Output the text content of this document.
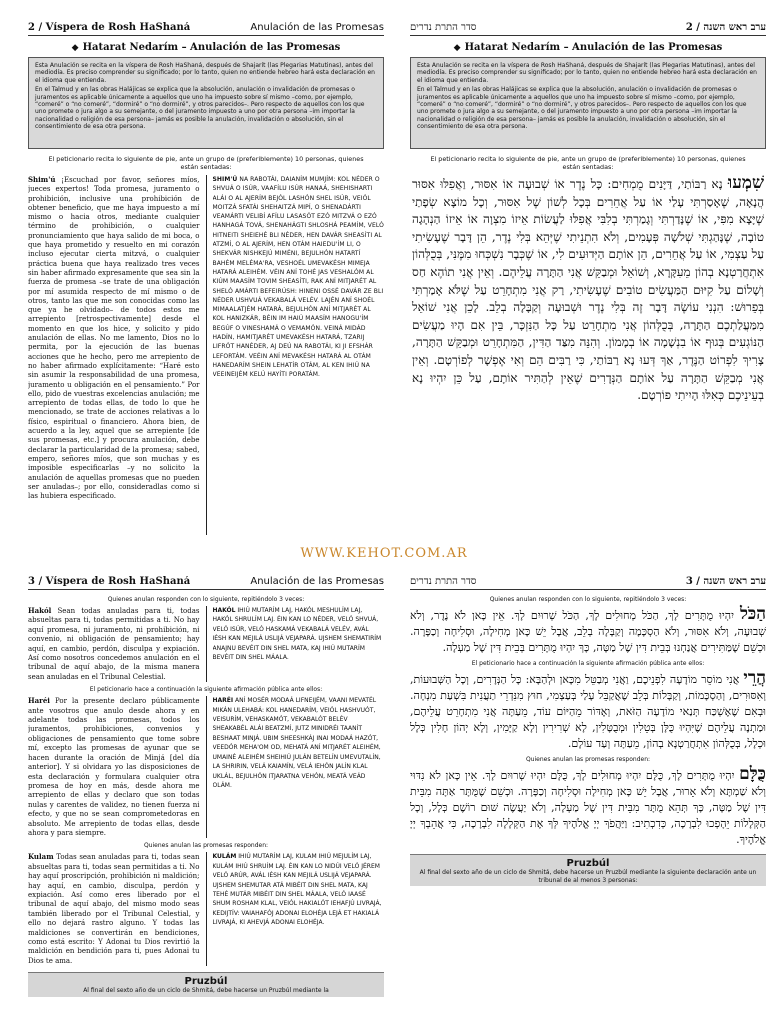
2 / Víspera de Rosh HaShaná	Anulación de las Promesas
◆ Hatarat Nedarím – Anulación de las Promesas

Esta Anulación se recita en la víspera de Rosh HaShaná, después de Shajarít (las Plegarias Matutinas), antes del mediodía. Es preciso comprender su significado; por lo tanto, quien no entiende hebreo hará esta declaración en el idioma que entienda.

En el Talmud y en las obras Halájicas se explica que la absolución, anulación o invalidación de promesas o juramentos es aplicable únicamente a aquellos que uno ha impuesto sobre sí mismo –como, por ejemplo, “comeré” o “no comeré”, “dormiré” o “no dormiré”, y otros parecidos–. Pero respecto de aquellos con los que uno promete o jura algo a su semejante, o del juramento impuesto a uno por otra persona –im importar la nacionalidad o religión de esa persona– jamás es posible la anulación, invalidación o absolución, sin el consentimiento de esa otra persona.

El peticionario recita lo siguiente de pie, ante un grupo de (preferiblemente) 10 personas, quienes están sentadas:
Shim'ú ¡Escuchad por favor, señores míos, jueces expertos! Toda promesa, juramento o prohibición, inclusive una prohibición de obtener beneficio, que me haya impuesto a mí mismo o hacia otros, mediante cualquier término de prohibición, o cualquier pronunciamiento que haya salido de mi boca, o que haya prometido y resuelto en mi corazón incluso ejecutar cierta mitzvá, o cualquier práctica buena que haya realizado tres veces sin haber afirmado expresamente que sea sin la fuerza de promesa –se trate de una obligación por mí asumida respecto de mí mismo o de otros, tanto las que me son conocidas como las que ya he olvidado– de todos estos me arrepiento [retrospectivamente] desde el momento en que los hice, y solicito y pido anulación de ellas. No me lamento, Dios no lo permita, por la ejecución de las buenas acciones que he hecho, pero me arrepiento de no haber afirmado explícitamente: “Haré esto sin asumir la responsabilidad de una promesa, juramento u obligación en el pensamiento.” Por ello, pido de vuestras excelencias anulación; me arrepiento de todas ellas, de todo lo que he mencionado, se trate de acciones relativas a lo físico, espiritual o financiero. Ahora bien, de acuerdo a la ley, aquel que se arrepiente [de sus promesas, etc.] y procura anulación, debe declarar la particularidad de la promesa; sabed, empero, señores míos, que son muchas y es imposible especificarlas –y no solicito la anulación de aquellas promesas que no pueden ser anuladas–; por ello, consideradlas como si las hubiera especificado.
SHIM'Ú NA RABOTÁI, DAIANÍM MUMJÍM: KOL NÉDER O SHVUÁ O ISÚR, VAAFÍLU ISÚR HANAÁ, SHEHISHARTI ALÁI O AL AJERÍM BEJÓL LASHÓN SHEL ISÚR, VEIÓL MOITZÁ SFATÁI SHEHAITZÁ MIPÍ, O SHENADÁRTI VEAMÁRTI VELIBÍ AFÍLU LASASÓT EZÓ MITZVÁ O EZÓ HANHAGÁ TOVÁ, SHENAHÁGTI SHLOSHÁ PEAMÍM, VELÓ HITNEITI SHEIEHÉ BLI NÉDER, HEN DAVÁR SHEASÍTI AL ATZMÍ, O AL AJERÍM, HEN OTÁM HAIEDU'ÍM LI, O SHEKVÁR NISHKEJÚ MIMÉNI, BEJULHÓN HATARTÍ BAHÉM MELÉMA'RA, VESHOÉL UMEVAKÉSH MIMEJA HATARÁ ALEIHÉM. VÉIN ANÍ TOHÉ JAS VESHALÓM AL KIÚM MAASÍM TOVIM SHEASÍTI, RAK ANÍ MITJARÉT AL SHELÓ AMÁRTI BEFEIRÚSH: HINENI OSSÉ DAVÁR ZE BLI NÉDER USHVUÁ VEKABALÁ VELÉV. LAJÉN ANÍ SHOÉL MIMAALATJÉM HATARÁ, BEJULHÓN ANÍ MITJARÉT AL KOL HANIZKÁR, BÉIN IM HAIÚ MAASÍM HANOGU'ÍM BEGÚF O VINESHAMÁ O VEMAMÓN. VEINÁ MIDÁD HADÍN, HAMITJARÉT UMEVAKÉSH HATARÁ, TZARIJ LIFRÓT HANÉDER, AJ DEÚ NA RABOTÁI, KI JI EFSHÁR LEFORTÁM. VEÉIN ANÍ MEVAKÉSH HATARÁ AL OTÁM HANEDARÍM SHEIN LEHATÍR OTÁM, AL KEN IHIÚ NA VEEINEIJÉM KELÚ HAYÍTI PORATÁM.
סדר התרת נדרים	ערב ראש השנה / 2
◆ Hatarat Nedarím – Anulación de las Promesas

Esta Anulación se recita en la víspera de Rosh HaShaná, después de Shajarít (las Plegarias Matutinas), antes del mediodía. Es preciso comprender su significado; por lo tanto, quien no entiende hebreo hará esta declaración en el idioma que entienda.

En el Talmud y en las obras Halájicas se explica que la absolución, anulación o invalidación de promesas o juramentos es aplicable únicamente a aquellos que uno ha impuesto sobre sí mismo –como, por ejemplo, “comeré” o “no comeré”, “dormiré” o “no dormiré”, y otros parecidos–. Pero respecto de aquellos con los que uno promete o jura algo a su semejante, o del juramento impuesto a uno por otra persona –im importar la nacionalidad o religión de esa persona– jamás es posible la anulación, invalidación o absolución, sin el consentimiento de esa otra persona.

El peticionario recita lo siguiente de pie, ante un grupo de (preferiblemente) 10 personas, quienes están sentadas:
שִׁמְעוּ נָא רַבּוֹתַי, דַּיָּנִים מֻמְחִים: כָּל נֶדֶר אוֹ שְׁבוּעָה אוֹ אִסּוּר, וַאֲפִלּוּ אִסּוּר הֲנָאָה, שֶׁאָסַרְתִּי עָלַי אוֹ עַל אֲחֵרִים בְּכָל לְשׁוֹן שֶׁל אִסּוּר, וְכָל מוֹצָא שְׂפָתַי שֶׁיָּצָא מִפִּי, אוֹ שֶׁנָּדַרְתִּי וְגָמַרְתִּי בְלִבִּי אֲפִלּוּ לַעֲשׂוֹת אֵיזוֹ מִצְוָה אוֹ אֵיזוֹ הַנְהָגָה טוֹבָה, שֶׁנָּהַגְתִּי שְׁלֹשָׁה פְּעָמִים, וְלֹא הִתְנֵיתִי שֶׁיְּהֵא בְּלִי נֶדֶר, הֵן דָּבָר שֶׁעָשִׂיתִי עַל עַצְמִי, אוֹ עַל אֲחֵרִים, הֵן אוֹתָם הַיְּדוּעִים לִי, אוֹ שֶׁכְּבָר נִשְׁכְּחוּ מִמֶּנִּי, בְּכֻלְּהוֹן אִתְחֲרַטְנָא בְהוֹן מֵעִקָּרָא, וְשׁוֹאֵל וּמְבַקֵּשׁ אֲנִי הַתָּרָה עֲלֵיהֶם. וְאֵין אֲנִי תוֹהֶא חַס וְשָׁלוֹם עַל קִיּוּם הַמַּעֲשִׂים טוֹבִים שֶׁעָשִׂיתִי, רַק אֲנִי מִתְחָרֵט עַל שֶׁלֹּא אָמַרְתִּי בְּפֵרוּשׁ: הִנְנִי עוֹשֶׂה דָּבָר זֶה בְּלִי נֶדֶר וּשְׁבוּעָה וְקַבָּלָה בְלֵב. לָכֵן אֲנִי שׁוֹאֵל מִמַּעֲלַתְכֶם הַתָּרָה, בְּכֻלְּהוֹן אֲנִי מִתְחָרֵט עַל כָּל הַנִּזְכָּר, בֵּין אִם הָיוּ מַעֲשִׂים הַנּוֹגְעִים בְּגוּף אוֹ בִנְשָׁמָה אוֹ בְמָמוֹן. וְהִנֵּה מִצַּד הַדִּין, הַמִּתְחָרֵט וּמְבַקֵּשׁ הַתָּרָה, צָרִיךְ לִפְרוֹט הַנֶּדֶר, אַךְ דְּעוּ נָא רַבּוֹתַי, כִּי רַבִּים הֵם וְאִי אֶפְשָׁר לְפוֹרְטָם. וְאֵין אֲנִי מְבַקֵּשׁ הַתָּרָה עַל אוֹתָם הַנְּדָרִים שֶׁאֵין לְהַתִּיר אוֹתָם, עַל כֵּן יִהְיוּ נָא בְעֵינֵיכֶם כְּאִלּוּ הָיִיתִי פוֹרְטָם.
WWW.KEHOT.COM.AR
3 / Víspera de Rosh HaShaná	Anulación de las Promesas
Quienes anulan responden con lo siguiente, repitiéndolo 3 veces:
Hakól Sean todas anuladas para ti, todas absueltas para ti, todas permitidas a ti. No hay aquí promesa, ni juramento, ni prohibición, ni convenio, ni obligación de pensamiento; hay aquí, en cambio, perdón, disculpa y expiación. Así como nosotros concedemos anulación en el tribunal de aquí abajo, de la misma manera sean anuladas en el Tribunal Celestial.
HAKÓL IHIÚ MUTARÍM LAJ, HAKÓL MESHULÍM LAJ, HAKÓL SHRULÍM LAJ. ÉIN KAN LO NÉDER, VELÓ SHVUÁ, VELÓ ISÚR, VELÓ HASKAMÁ VEKABALÁ VELÉV, AVÁL IÉSH KAN MEJILÁ USLIJÁ VEJAPARÁ. UJSHEM SHEMATIRÍM ANAJNU BEVÉIT DIN SHEL MATA, KAJ IHIÚ MUTARÍM BEVÉIT DIN SHEL MÁALA.
El peticionario hace a continuación la siguiente afirmación pública ante ellos:
Haréi Por la presente declaro públicamente ante vosotros que anulo desde ahora y en adelante todas las promesas, todos los juramentos, prohibiciones, convenios y obligaciones de pensamiento que tome sobre mí, excepto las promesas de ayunar que se hacen durante la oración de Minjá [del día anterior]. Y si olvidara yo las disposiciones de esta declaración y formulara cualquier otra promesa de hoy en más, desde ahora me arrepiento de ellas y declaro que son todas nulas y carentes de validez, no tienen fuerza ni efecto, y que no se sean comprometedoras en absoluto. Me arrepiento de todas ellas, desde ahora y para siempre.
HARÉI ANÍ MOSÉR MODAÁ LIFNEIJÉM, VAANI MEVATÉL MIKÁN ULEHABÁ: KOL HANEDARÍM, VEIÓL HASHVUÓT, VEISURÍM, VEHASKAMÓT, VEKABALÓT BELÉV SHEAKABÉL ALÁI BEATZMÍ, JUTZ MINIDRÉI TAANÍT BESHAAT MINJÁ. UBIM SHEESHKÁJ INAI MODAÁ HAZÓT, VEEDÓR MEHA'OM OD, MEHATÁ ANÍ MITJARÉT ALEIHÉM, UMAINÉ ALEIHÉM SHEIHIÚ JULÁN BETELÍN UMEVUTALÍN, LA SHRIRIN, VELÁ KAIAMÍN, VELÁ IEHÓN JALÍN KLAL UKLÁL, BEJULHÓN ITJARATNA VEHÓN, MEATÁ VEÁD OLÁM.
Quienes anulan las promesas responden:
Kulam Todas sean anuladas para ti, todas sean absueltas para ti, todas sean permitidas a ti. No hay aquí proscripción, prohibición ni maldición; hay aquí, en cambio, disculpa, perdón y expiación. Así como eres liberado por el tribunal de aquí abajo, del mismo modo seas también liberado por el Tribunal Celestial, y ello no dejará rastro alguno. Y todas las maldiciones se convertirán en bendiciones, como está escrito: Y Adonai tu Dios revirtió la maldición en bendición para ti, pues Adonai tu Dios te ama.
KULÁM IHIÚ MUTARÍM LAJ, KULAM IHIÚ MEJULÍM LAJ, KULÁM IHIÚ SHRUÍM LAJ. ÉIN KAN LO NIDÚI VELÓ JÉREM VELÓ ARÚR, AVÁL IÉSH KAN MEJILÁ USLIJÁ VEJAPARÁ. UJSHEM SHEMUTAR ATÁ MIBÉIT DIN SHEL MATA, KAJ TEHÉ MUTÁR MIBÉIT DIN SHEL MÁALA, VELÓ IAASÉ SHUM ROSHAM KLAL, VEIÓL HAKIALÓT IEHAFJÚ LIVRAJÁ, KEDIJTÍV: VAIAHAFÓJ ADONAI ELOHÉJA LEJÁ ET HAKIALÁ LIVRAJÁ, KI AHEVJÁ ADONAI ELOHÉJA.
Pruzbúl
Al final del sexto año de un ciclo de Shmitá, debe hacerse un Pruzbúl mediante la
סדר התרת נדרים	ערב ראש השנה / 3
Quienes anulan responden con lo siguiente, repitiéndolo 3 veces:
הַכֹּל יִהְיוּ מֻתָּרִים לָךְ, הַכֹּל מְחוּלִים לָךְ, הַכֹּל שְׁרוּיִם לָךְ. אֵין כָּאן לֹא נֶדֶר, וְלֹא שְׁבוּעָה, וְלֹא אִסּוּר, וְלֹא הַסְכָּמָה וְקַבָּלָה בְלֵב, אֲבָל יֵשׁ כָּאן מְחִילָה, וּסְלִיחָה וְכַפָּרָה. וּכְשֵׁם שֶׁמַּתִּירִים אֲנַחְנוּ בְּבֵית דִּין שֶׁל מַטָּה, כָּךְ יִהְיוּ מֻתָּרִים בְּבֵית דִּין שֶׁל מַעְלָה.
El peticionario hace a continuación la siguiente afirmación pública ante ellos:
הֲרֵי אֲנִי מוֹסֵר מוֹדָעָה לִפְנֵיכֶם, וַאֲנִי מְבַטֵּל מִכָּאן וּלְהַבָּא: כָּל הַנְּדָרִים, וְכָל הַשְּׁבוּעוֹת, וְאִסּוּרִים, וְהַסְכָּמוֹת, וְקַבָּלוֹת בְּלֵב שֶׁאֲקַבֵּל עָלַי בְּעַצְמִי, חוּץ מִנִּדְרֵי תַעֲנִית בִּשְׁעַת מִנְחָה. וּבְאִם שֶׁאֶשְׁכַּח תְּנַאי מוֹדָעָה הַזֹּאת, וְאֶדּוֹר מֵהַיּוֹם עוֹד, מֵעַתָּה אֲנִי מִתְחָרֵט עֲלֵיהֶם, וּמַתְנֶה עֲלֵיהֶם שֶׁיִּהְיוּ כֻּלָּן בְּטֵלִין וּמְבֻטָּלִין, לָא שְׁרִירִין וְלָא קַיָּמִין, וְלָא יְהוֹן חָלִין כְּלָל וּכְלָל, בְּכֻלְּהוֹן אִתְחֲרַטְנָא בְהוֹן, מֵעַתָּה וְעַד עוֹלָם.
Quienes anulan las promesas responden:
כֻּלָּם יִהְיוּ מֻתָּרִים לָךְ, כֻּלָּם יִהְיוּ מְחוּלִים לָךְ, כֻּלָּם יִהְיוּ שְׁרוּיִם לָךְ. אֵין כָּאן לֹא נִדּוּי וְלֹא שַׁמְתָּא וְלֹא אָרוּר, אֲבָל יֵשׁ כָּאן מְחִילָה וּסְלִיחָה וְכַפָּרָה. וּכְשֵׁם שֶׁמֻּתָּר אַתָּה מִבֵּית דִּין שֶׁל מַטָּה, כָּךְ תְּהֵא מֻתָּר מִבֵּית דִּין שֶׁל מַעְלָה, וְלֹא יַעֲשֶׂה שׁוּם רוֹשֶׁם כְּלָל, וְכָל הַקְּלָלוֹת יֵהָפְכוּ לִבְרָכָה, כְּדִכְתִיב: וַיַּהֲפֹךְ יְיָ אֱלֹהֶיךָ לְּךָ אֶת הַקְּלָלָה לִבְרָכָה, כִּי אֲהֵבְךָ יְיָ אֱלֹהֶיךָ.
Pruzbúl
Al final del sexto año de un ciclo de Shmitá, debe hacerse un Pruzbúl mediante la siguiente declaración ante un tribunal de al menos 3 personas:
